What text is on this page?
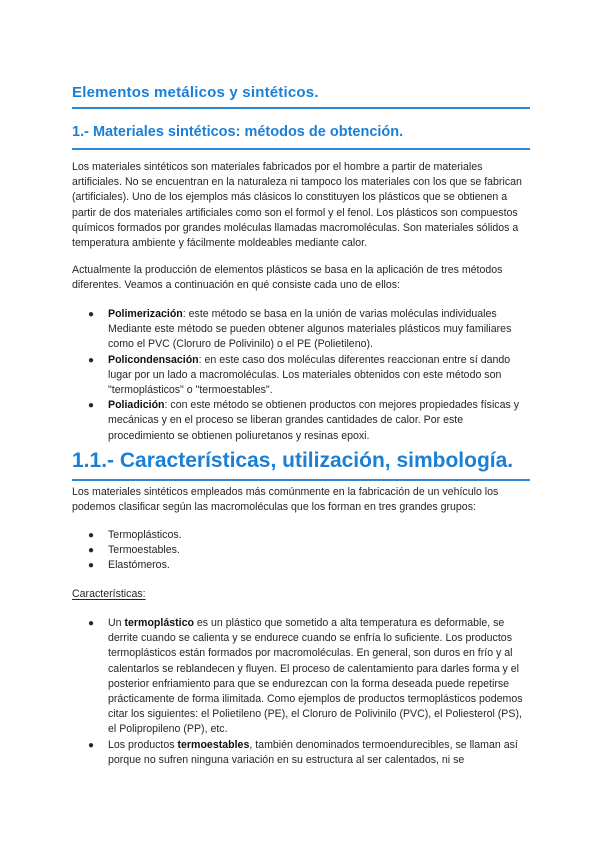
Elementos metálicos y sintéticos.
1.- Materiales sintéticos: métodos de obtención.

Los materiales sintéticos son materiales fabricados por el hombre a partir de materiales artificiales. No se encuentran en la naturaleza ni tampoco los materiales con los que se fabrican (artificiales). Uno de los ejemplos más clásicos lo constituyen los plásticos que se obtienen a partir de dos materiales artificiales como son el formol y el fenol. Los plásticos son compuestos químicos formados por grandes moléculas llamadas macromoléculas. Son materiales sólidos a temperatura ambiente y fácilmente moldeables mediante calor.

Actualmente la producción de elementos plásticos se basa en la aplicación de tres métodos diferentes. Veamos a continuación en qué consiste cada uno de ellos:

● Polimerización: este método se basa en la unión de varias moléculas individuales Mediante este método se pueden obtener algunos materiales plásticos muy familiares como el PVC (Cloruro de Polivinilo) o el PE (Polietileno).
● Policondensación: en este caso dos moléculas diferentes reaccionan entre sí dando lugar por un lado a macromoléculas. Los materiales obtenidos con este método son "termoplásticos" o "termoestables".
● Poliadición: con este método se obtienen productos con mejores propiedades físicas y mecánicas y en el proceso se liberan grandes cantidades de calor. Por este procedimiento se obtienen poliuretanos y resinas epoxi.
1.1.- Características, utilización, simbología.

Los materiales sintéticos empleados más comúnmente en la fabricación de un vehículo los podemos clasificar según las macromoléculas que los forman en tres grandes grupos:

● Termoplásticos.
● Termoestables.
● Elastómeros.

Características:

● Un termoplástico es un plástico que sometido a alta temperatura es deformable, se derrite cuando se calienta y se endurece cuando se enfría lo suficiente. Los productos termoplásticos están formados por macromoléculas. En general, son duros en frío y al calentarlos se reblandecen y fluyen. El proceso de calentamiento para darles forma y el posterior enfriamiento para que se endurezcan con la forma deseada puede repetirse prácticamente de forma ilimitada. Como ejemplos de productos termoplásticos podemos citar los siguientes: el Polietileno (PE), el Cloruro de Polivinilo (PVC), el Poliesterol (PS), el Polipropileno (PP), etc.
● Los productos termoestables, también denominados termoendurecibles, se llaman así porque no sufren ninguna variación en su estructura al ser calentados, ni se
